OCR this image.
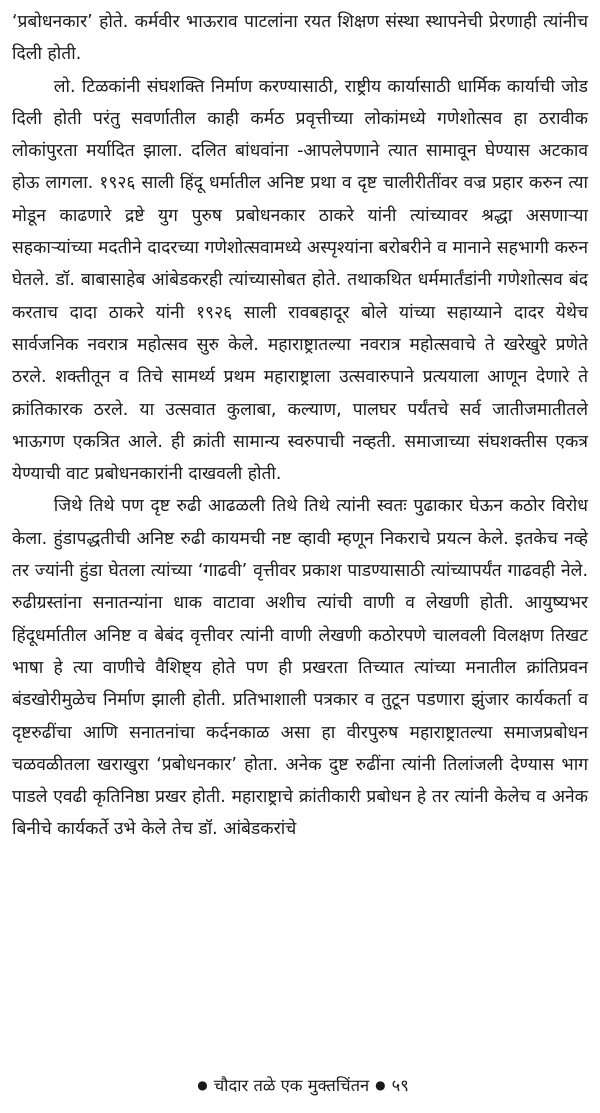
‘प्रबोधनकार’ होते. कर्मवीर भाऊराव पाटलांना रयत शिक्षण संस्था स्थापनेची प्रेरणाही त्यांनीच दिली होती.

लो. टिळकांनी संघशक्ति निर्माण करण्यासाठी, राष्ट्रीय कार्यासाठी धार्मिक कार्याची जोड दिली होती परंतु सवर्णातील काही कर्मठ प्रवृत्तीच्या लोकांमध्ये गणेशोत्सव हा ठरावीक लोकांपुरता मर्यादित झाला. दलित बांधवांना -आपलेपणाने त्यात सामावून घेण्यास अटकाव होऊ लागला. १९२६ साली हिंदू धर्मातील अनिष्ट प्रथा व दृष्ट चालीरीतींवर वज्र प्रहार करुन त्या मोडून काढणारे द्रष्टे युग पुरुष प्रबोधनकार ठाकरे यांनी त्यांच्यावर श्रद्धा असणाऱ्या सहकाऱ्यांच्या मदतीने दादरच्या गणेशोत्सवामध्ये अस्पृश्यांना बरोबरीने व मानाने सहभागी करुन घेतले. डॉ. बाबासाहेब आंबेडकरही त्यांच्यासोबत होते. तथाकथित धर्ममार्तंडांनी गणेशोत्सव बंद करताच दादा ठाकरे यांनी १९२६ साली रावबहादूर बोले यांच्या सहाय्याने दादर येथेच सार्वजनिक नवरात्र महोत्सव सुरु केले. महाराष्ट्रातल्या नवरात्र महोत्सवाचे ते खरेखुरे प्रणेते ठरले. शक्तीतून व तिचे सामर्थ्य प्रथम महाराष्ट्राला उत्सवारुपाने प्रत्ययाला आणून देणारे ते क्रांतिकारक ठरले. या उत्सवात कुलाबा, कल्याण, पालघर पर्यंतचे सर्व जातीजमातीतले भाऊगण एकत्रित आले. ही क्रांती सामान्य स्वरुपाची नव्हती. समाजाच्या संघशक्तीस एकत्र येण्याची वाट प्रबोधनकारांनी दाखवली होती.

जिथे तिथे पण दृष्ट रुढी आढळली तिथे तिथे त्यांनी स्वतः पुढाकार घेऊन कठोर विरोध केला. हुंडापद्धतीची अनिष्ट रुढी कायमची नष्ट व्हावी म्हणून निकराचे प्रयत्न केले. इतकेच नव्हे तर ज्यांनी हुंडा घेतला त्यांच्या ‘गाढवी’ वृत्तीवर प्रकाश पाडण्यासाठी त्यांच्यापर्यंत गाढवही नेले. रुढीग्रस्तांना सनातन्यांना धाक वाटावा अशीच त्यांची वाणी व लेखणी होती. आयुष्यभर हिंदूधर्मातील अनिष्ट व बेबंद वृत्तीवर त्यांनी वाणी लेखणी कठोरपणे चालवली विलक्षण तिखट भाषा हे त्या वाणीचे वैशिष्ट्य होते पण ही प्रखरता तिच्यात त्यांच्या मनातील क्रांतिप्रवन बंडखोरीमुळेच निर्माण झाली होती. प्रतिभाशाली पत्रकार व तुटून पडणारा झुंजार कार्यकर्ता व दृष्टरुढींचा आणि सनातनांचा कर्दनकाळ असा हा वीरपुरुष महाराष्ट्रातल्या समाजप्रबोधन चळवळीतला खराखुरा ‘प्रबोधनकार’ होता. अनेक दुष्ट रुढींना त्यांनी तिलांजली देण्यास भाग पाडले एवढी कृतिनिष्ठा प्रखर होती. महाराष्ट्राचे क्रांतीकारी प्रबोधन हे तर त्यांनी केलेच व अनेक बिनीचे कार्यकर्ते उभे केले तेच डॉ. आंबेडकरांचे

● चौदार तळे एक मुक्तचिंतन ● ५९
